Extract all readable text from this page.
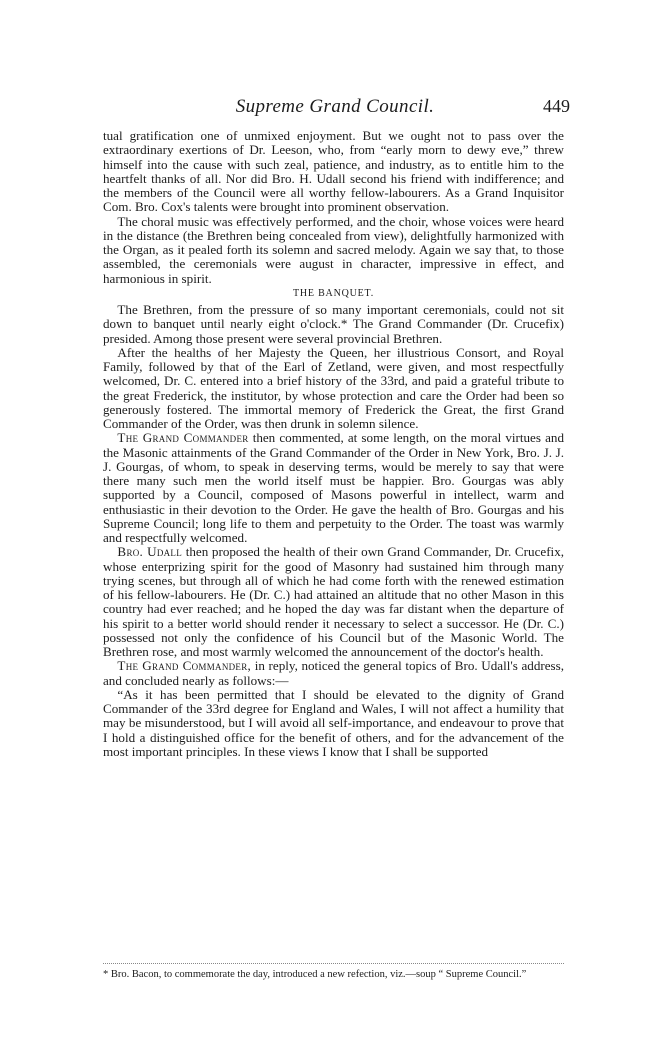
Supreme Grand Council.	449

tual gratification one of unmixed enjoyment. But we ought not to pass over the extraordinary exertions of Dr. Leeson, who, from “early morn to dewy eve,” threw himself into the cause with such zeal, patience, and industry, as to entitle him to the heartfelt thanks of all. Nor did Bro. H. Udall second his friend with indifference; and the members of the Council were all worthy fellow-labourers. As a Grand Inquisitor Com. Bro. Cox's talents were brought into prominent observation.

The choral music was effectively performed, and the choir, whose voices were heard in the distance (the Brethren being concealed from view), delightfully harmonized with the Organ, as it pealed forth its solemn and sacred melody. Again we say that, to those assembled, the ceremonials were august in character, impressive in effect, and harmonious in spirit.

THE BANQUET.

The Brethren, from the pressure of so many important ceremonials, could not sit down to banquet until nearly eight o'clock.* The Grand Commander (Dr. Crucefix) presided. Among those present were several provincial Brethren.

After the healths of her Majesty the Queen, her illustrious Consort, and Royal Family, followed by that of the Earl of Zetland, were given, and most respectfully welcomed, Dr. C. entered into a brief history of the 33rd, and paid a grateful tribute to the great Frederick, the institutor, by whose protection and care the Order had been so generously fostered. The immortal memory of Frederick the Great, the first Grand Commander of the Order, was then drunk in solemn silence.

The Grand Commander then commented, at some length, on the moral virtues and the Masonic attainments of the Grand Commander of the Order in New York, Bro. J. J. J. Gourgas, of whom, to speak in deserving terms, would be merely to say that were there many such men the world itself must be happier. Bro. Gourgas was ably supported by a Council, composed of Masons powerful in intellect, warm and enthusiastic in their devotion to the Order. He gave the health of Bro. Gourgas and his Supreme Council; long life to them and perpetuity to the Order. The toast was warmly and respectfully welcomed.

Bro. Udall then proposed the health of their own Grand Commander, Dr. Crucefix, whose enterprizing spirit for the good of Masonry had sustained him through many trying scenes, but through all of which he had come forth with the renewed estimation of his fellow-labourers. He (Dr. C.) had attained an altitude that no other Mason in this country had ever reached; and he hoped the day was far distant when the departure of his spirit to a better world should render it necessary to select a successor. He (Dr. C.) possessed not only the confidence of his Council but of the Masonic World. The Brethren rose, and most warmly welcomed the announcement of the doctor's health.

The Grand Commander, in reply, noticed the general topics of Bro. Udall's address, and concluded nearly as follows:—

“As it has been permitted that I should be elevated to the dignity of Grand Commander of the 33rd degree for England and Wales, I will not affect a humility that may be misunderstood, but I will avoid all self-importance, and endeavour to prove that I hold a distinguished office for the benefit of others, and for the advancement of the most important principles. In these views I know that I shall be supported

* Bro. Bacon, to commemorate the day, introduced a new refection, viz.—soup “ Supreme Council.”
